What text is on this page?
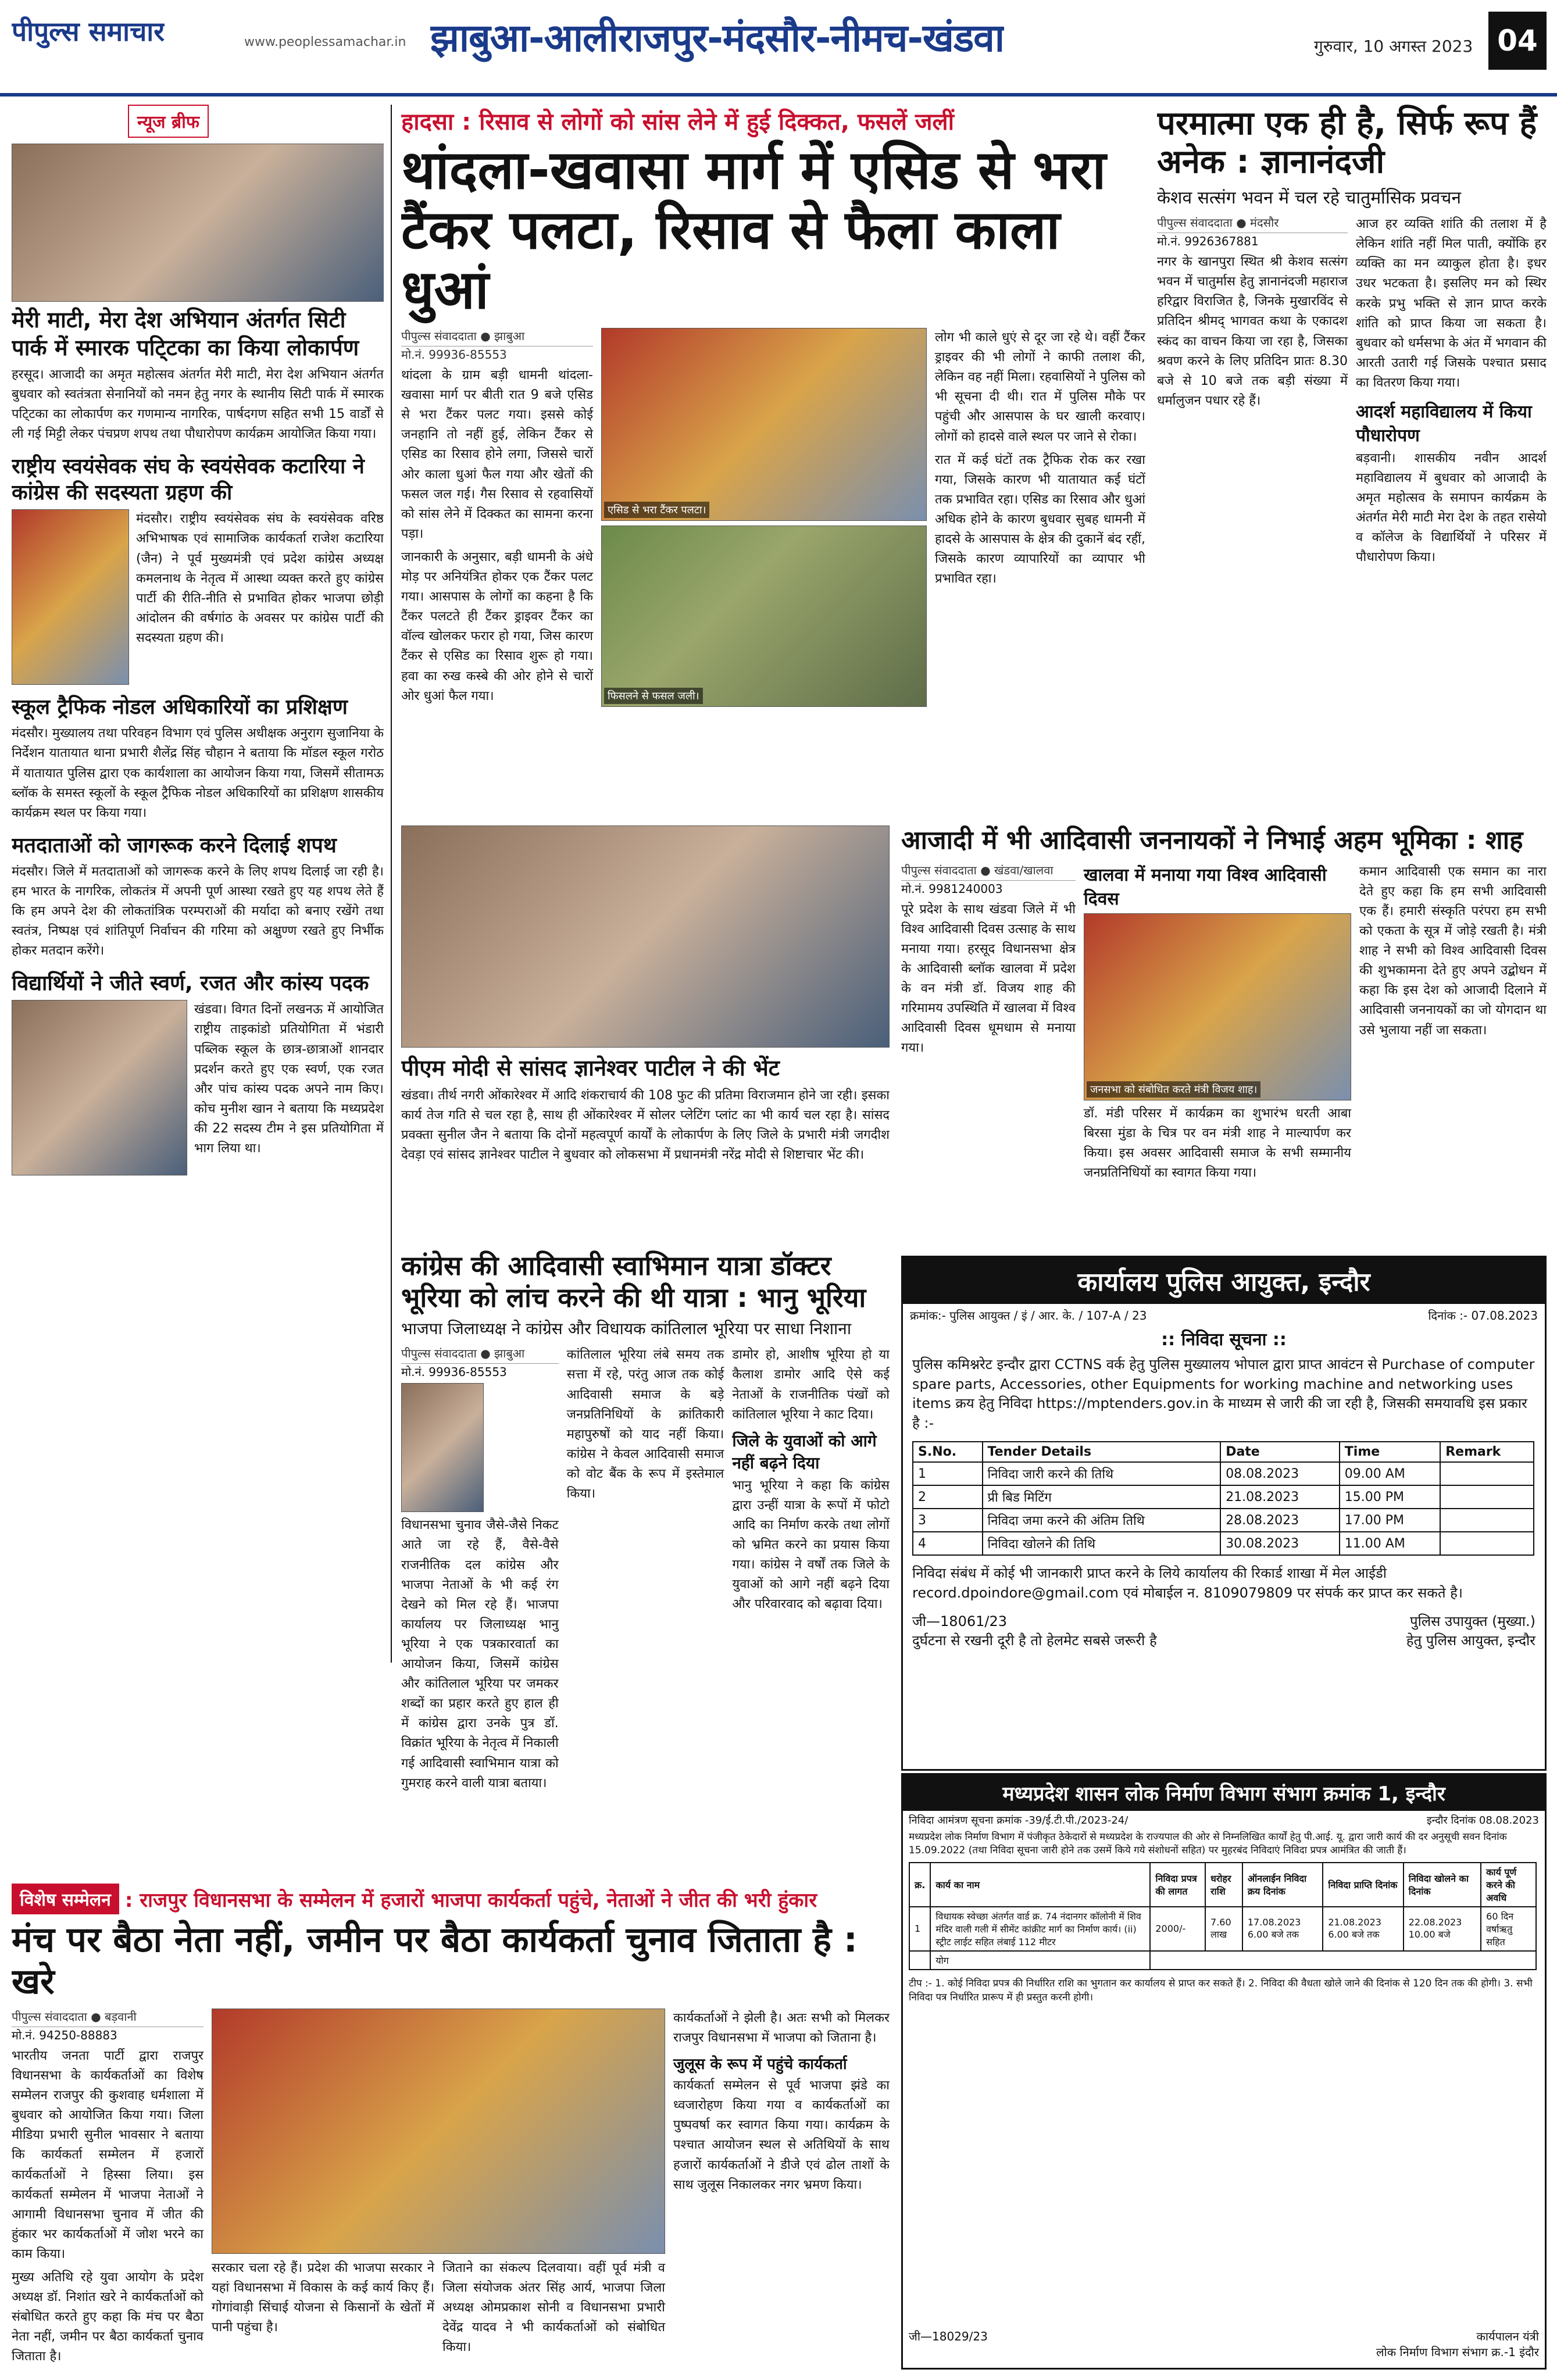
पीपुल्स समाचार	www.peoplessamachar.in झाबुआ-आलीराजपुर-मंदसौर-नीमच-खंडवा	गुरुवार, 10 अगस्त 2023 04
न्यूज ब्रीफ
मेरी माटी, मेरा देश अभियान अंतर्गत सिटी पार्क में स्मारक पटि्टका का किया लोकार्पण
हरसूद। आजादी का अमृत महोत्सव अंतर्गत मेरी माटी, मेरा देश अभियान अंतर्गत बुधवार को स्वतंत्रता सेनानियों को नमन हेतु नगर के स्थानीय सिटी पार्क में स्मारक पटि्टका का लोकार्पण कर गणमान्य नागरिक, पार्षदगण सहित सभी 15 वार्डों से ली गई मिट्टी लेकर पंचप्रण शपथ तथा पौधारोपण कार्यक्रम आयोजित किया गया।
राष्ट्रीय स्वयंसेवक संघ के स्वयंसेवक कटारिया ने कांग्रेस की सदस्यता ग्रहण की
मंदसौर। राष्ट्रीय स्वयंसेवक संघ के स्वयंसेवक वरिष्ठ अभिभाषक एवं सामाजिक कार्यकर्ता राजेश कटारिया (जैन) ने पूर्व मुख्यमंत्री एवं प्रदेश कांग्रेस अध्यक्ष कमलनाथ के नेतृत्व में आस्था व्यक्त करते हुए कांग्रेस पार्टी की रीति-नीति से प्रभावित होकर भाजपा छोड़ी आंदोलन की वर्षगांठ के अवसर पर कांग्रेस पार्टी की सदस्यता ग्रहण की।
स्कूल ट्रैफिक नोडल अधिकारियों का प्रशिक्षण
मंदसौर। मुख्यालय तथा परिवहन विभाग एवं पुलिस अधीक्षक अनुराग सुजानिया के निर्देशन यातायात थाना प्रभारी शैलेंद्र सिंह चौहान ने बताया कि मॉडल स्कूल गरोठ में यातायात पुलिस द्वारा एक कार्यशाला का आयोजन किया गया, जिसमें सीतामऊ ब्लॉक के समस्त स्कूलों के स्कूल ट्रैफिक नोडल अधिकारियों का प्रशिक्षण शासकीय कार्यक्रम स्थल पर किया गया।
मतदाताओं को जागरूक करने दिलाई शपथ
मंदसौर। जिले में मतदाताओं को जागरूक करने के लिए शपथ दिलाई जा रही है। हम भारत के नागरिक, लोकतंत्र में अपनी पूर्ण आस्था रखते हुए यह शपथ लेते हैं कि हम अपने देश की लोकतांत्रिक परम्पराओं की मर्यादा को बनाए रखेंगे तथा स्वतंत्र, निष्पक्ष एवं शांतिपूर्ण निर्वाचन की गरिमा को अक्षुण्ण रखते हुए निर्भीक होकर मतदान करेंगे।
विद्यार्थियों ने जीते स्वर्ण, रजत और कांस्य पदक
खंडवा। विगत दिनों लखनऊ में आयोजित राष्ट्रीय ताइकांडो प्रतियोगिता में भंडारी पब्लिक स्कूल के छात्र-छात्राओं शानदार प्रदर्शन करते हुए एक स्वर्ण, एक रजत और पांच कांस्य पदक अपने नाम किए। कोच मुनीश खान ने बताया कि मध्यप्रदेश की 22 सदस्य टीम ने इस प्रतियोगिता में भाग लिया था।
हादसा : रिसाव से लोगों को सांस लेने में हुई दिक्कत, फसलें जलीं
थांदला-खवासा मार्ग में एसिड से भरा टैंकर पलटा, रिसाव से फैला काला धुआं
पीपुल्स संवाददाता ● झाबुआ
मो.नं. 99936-85553
थांदला के ग्राम बड़ी धामनी थांदला-खवासा मार्ग पर बीती रात 9 बजे एसिड से भरा टैंकर पलट गया। इससे कोई जनहानि तो नहीं हुई, लेकिन टैंकर से एसिड का रिसाव होने लगा, जिससे चारों ओर काला धुआं फैल गया और खेतों की फसल जल गई। गैस रिसाव से रहवासियों को सांस लेने में दिक्कत का सामना करना पड़ा।
जानकारी के अनुसार, बड़ी धामनी के अंधे मोड़ पर अनियंत्रित होकर एक टैंकर पलट गया। आसपास के लोगों का कहना है कि टैंकर पलटते ही टैंकर ड्राइवर टैंकर का वॉल्व खोलकर फरार हो गया, जिस कारण टैंकर से एसिड का रिसाव शुरू हो गया। हवा का रुख कस्बे की ओर होने से चारों ओर धुआं फैल गया।
एसिड से भरा टैंकर पलटा।
फिसलने से फसल जली।
लोग भी काले धुएं से दूर जा रहे थे। वहीं टैंकर ड्राइवर की भी लोगों ने काफी तलाश की, लेकिन वह नहीं मिला। रहवासियों ने पुलिस को भी सूचना दी थी। रात में पुलिस मौके पर पहुंची और आसपास के घर खाली करवाए। लोगों को हादसे वाले स्थल पर जाने से रोका।
रात में कई घंटों तक ट्रैफिक रोक कर रखा गया, जिसके कारण भी यातायात कई घंटों तक प्रभावित रहा। एसिड का रिसाव और धुआं अधिक होने के कारण बुधवार सुबह धामनी में हादसे के आसपास के क्षेत्र की दुकानें बंद रहीं, जिसके कारण व्यापारियों का व्यापार भी प्रभावित रहा।
परमात्मा एक ही है, सिर्फ रूप हैं अनेक : ज्ञानानंदजी
केशव सत्संग भवन में चल रहे चातुर्मासिक प्रवचन
पीपुल्स संवाददाता ● मंदसौर
मो.नं. 9926367881
नगर के खानपुरा स्थित श्री केशव सत्संग भवन में चातुर्मास हेतु ज्ञानानंदजी महाराज हरिद्वार विराजित है, जिनके मुखारविंद से प्रतिदिन श्रीमद् भागवत कथा के एकादश स्कंद का वाचन किया जा रहा है, जिसका श्रवण करने के लिए प्रतिदिन प्रातः 8.30 बजे से 10 बजे तक बड़ी संख्या में धर्मालुजन पधार रहे हैं।
आज हर व्यक्ति शांति की तलाश में है लेकिन शांति नहीं मिल पाती, क्योंकि हर व्यक्ति का मन व्याकुल होता है। इधर उधर भटकता है। इसलिए मन को स्थिर करके प्रभु भक्ति से ज्ञान प्राप्त करके शांति को प्राप्त किया जा सकता है। बुधवार को धर्मसभा के अंत में भगवान की आरती उतारी गई जिसके पश्चात प्रसाद का वितरण किया गया।
आदर्श महाविद्यालय में किया पौधारोपण
बड़वानी। शासकीय नवीन आदर्श महाविद्यालय में बुधवार को आजादी के अमृत महोत्सव के समापन कार्यक्रम के अंतर्गत मेरी माटी मेरा देश के तहत रासेयो व कॉलेज के विद्यार्थियों ने परिसर में पौधारोपण किया।
पीएम मोदी से सांसद ज्ञानेश्वर पाटील ने की भेंट
खंडवा। तीर्थ नगरी ओंकारेश्वर में आदि शंकराचार्य की 108 फुट की प्रतिमा विराजमान होने जा रही। इसका कार्य तेज गति से चल रहा है, साथ ही ओंकारेश्वर में सोलर प्लेटिंग प्लांट का भी कार्य चल रहा है। सांसद प्रवक्ता सुनील जैन ने बताया कि दोनों महत्वपूर्ण कार्यों के लोकार्पण के लिए जिले के प्रभारी मंत्री जगदीश देवड़ा एवं सांसद ज्ञानेश्वर पाटील ने बुधवार को लोकसभा में प्रधानमंत्री नरेंद्र मोदी से शिष्टाचार भेंट की।
आजादी में भी आदिवासी जननायकों ने निभाई अहम भूमिका : शाह
पीपुल्स संवाददाता ● खंडवा/खालवा
मो.नं. 9981240003
पूरे प्रदेश के साथ खंडवा जिले में भी विश्व आदिवासी दिवस उत्साह के साथ मनाया गया। हरसूद विधानसभा क्षेत्र के आदिवासी ब्लॉक खालवा में प्रदेश के वन मंत्री डॉ. विजय शाह की गरिमामय उपस्थिति में खालवा में विश्व आदिवासी दिवस धूमधाम से मनाया गया।
खालवा में मनाया गया विश्व आदिवासी दिवस
जनसभा को संबोधित करते मंत्री विजय शाह।
डॉ. मंडी परिसर में कार्यक्रम का शुभारंभ धरती आबा बिरसा मुंडा के चित्र पर वन मंत्री शाह ने माल्यार्पण कर किया। इस अवसर आदिवासी समाज के सभी सम्मानीय जनप्रतिनिधियों का स्वागत किया गया।
कमान आदिवासी एक समान का नारा देते हुए कहा कि हम सभी आदिवासी एक हैं। हमारी संस्कृति परंपरा हम सभी को एकता के सूत्र में जोड़े रखती है। मंत्री शाह ने सभी को विश्व आदिवासी दिवस की शुभकामना देते हुए अपने उद्बोधन में कहा कि इस देश को आजादी दिलाने में आदिवासी जननायकों का जो योगदान था उसे भुलाया नहीं जा सकता।
कांग्रेस की आदिवासी स्वाभिमान यात्रा डॉक्टर भूरिया को लांच करने की थी यात्रा : भानु भूरिया
भाजपा जिलाध्यक्ष ने कांग्रेस और विधायक कांतिलाल भूरिया पर साधा निशाना
पीपुल्स संवाददाता ● झाबुआ
मो.नं. 99936-85553
विधानसभा चुनाव जैसे-जैसे निकट आते जा रहे हैं, वैसे-वैसे राजनीतिक दल कांग्रेस और भाजपा नेताओं के भी कई रंग देखने को मिल रहे हैं। भाजपा कार्यालय पर जिलाध्यक्ष भानु भूरिया ने एक पत्रकारवार्ता का आयोजन किया, जिसमें कांग्रेस और कांतिलाल भूरिया पर जमकर शब्दों का प्रहार करते हुए हाल ही में कांग्रेस द्वारा उनके पुत्र डॉ. विक्रांत भूरिया के नेतृत्व में निकाली गई आदिवासी स्वाभिमान यात्रा को गुमराह करने वाली यात्रा बताया।
कांतिलाल भूरिया लंबे समय तक सत्ता में रहे, परंतु आज तक कोई आदिवासी समाज के बड़े जनप्रतिनिधियों के क्रांतिकारी महापुरुषों को याद नहीं किया। कांग्रेस ने केवल आदिवासी समाज को वोट बैंक के रूप में इस्तेमाल किया।
डामोर हो, आशीष भूरिया हो या कैलाश डामोर आदि ऐसे कई नेताओं के राजनीतिक पंखों को कांतिलाल भूरिया ने काट दिया।
जिले के युवाओं को आगे नहीं बढ़ने दिया
भानु भूरिया ने कहा कि कांग्रेस द्वारा उन्हीं यात्रा के रूपों में फोटो आदि का निर्माण करके तथा लोगों को भ्रमित करने का प्रयास किया गया। कांग्रेस ने वर्षों तक जिले के युवाओं को आगे नहीं बढ़ने दिया और परिवारवाद को बढ़ावा दिया।
कार्यालय पुलिस आयुक्त, इन्दौर
क्रमांक:- पुलिस आयुक्त / इं / आर. के. / 107-A / 23	दिनांक :- 07.08.2023
:: निविदा सूचना ::
पुलिस कमिश्नरेट इन्दौर द्वारा CCTNS वर्क हेतु पुलिस मुख्यालय भोपाल द्वारा प्राप्त आवंटन से Purchase of computer spare parts, Accessories, other Equipments for working machine and networking uses items क्रय हेतु निविदा https://mptenders.gov.in के माध्यम से जारी की जा रही है, जिसकी समयावधि इस प्रकार है :-
S.No.	Tender Details	Date	Time	Remark
1	निविदा जारी करने की तिथि	08.08.2023	09.00 AM	
2	प्री बिड मिटिंग	21.08.2023	15.00 PM	
3	निविदा जमा करने की अंतिम तिथि	28.08.2023	17.00 PM	
4	निविदा खोलने की तिथि	30.08.2023	11.00 AM	
निविदा संबंध में कोई भी जानकारी प्राप्त करने के लिये कार्यालय की रिकार्ड शाखा में मेल आईडी record.dpoindore@gmail.com एवं मोबाईल न. 8109079809 पर संपर्क कर प्राप्त कर सकते है।
जी—18061/23
दुर्घटना से रखनी दूरी है तो हेलमेट सबसे जरूरी है
पुलिस उपायुक्त (मुख्या.)
हेतु पुलिस आयुक्त, इन्दौर
मध्यप्रदेश शासन लोक निर्माण विभाग संभाग क्रमांक 1, इन्दौर
निविदा आमंत्रण सूचना क्रमांक -39/ई.टी.पी./2023-24/	इन्दौर दिनांक 08.08.2023
मध्यप्रदेश लोक निर्माण विभाग में पंजीकृत ठेकेदारों से मध्यप्रदेश के राज्यपाल की ओर से निम्नलिखित कार्यों हेतु पी.आई. यू. द्वारा जारी कार्य की दर अनुसूची सवन दिनांक 15.09.2022 (तथा निविदा सूचना जारी होने तक उसमें किये गये संशोधनों सहित) पर मुहरबंद निविदाएं निविदा प्रपत्र आमंत्रित की जाती हैं।
क्र.	कार्य का नाम	निविदा प्रपत्र की लागत	धरोहर राशि	ऑनलाईन निविदा क्रय दिनांक	निविदा प्राप्ति दिनांक	निविदा खोलने का दिनांक	कार्य पूर्ण करने की अवधि
1	विधायक स्वेच्छा अंतर्गत वार्ड क्र. 74 नंदानगर कॉलोनी में शिव मंदिर वाली गली में सीमेंट कांक्रीट मार्ग का निर्माण कार्य। (ii) स्ट्रीट लाईट सहित लंबाई 112 मीटर	2000/-	7.60 लाख	17.08.2023 6.00 बजे तक	21.08.2023 6.00 बजे तक	22.08.2023 10.00 बजे	60 दिन वर्षाऋतु सहित
	योग						
टीप :- 1. कोई निविदा प्रपत्र की निर्धारित राशि का भुगतान कर कार्यालय से प्राप्त कर सकते हैं। 2. निविदा की वैधता खोले जाने की दिनांक से 120 दिन तक की होगी। 3. सभी निविदा पत्र निर्धारित प्रारूप में ही प्रस्तुत करनी होगी।
जी—18029/23	कार्यपालन यंत्री
लोक निर्माण विभाग संभाग क्र.-1 इंदौर
विशेष सम्मेलन : राजपुर विधानसभा के सम्मेलन में हजारों भाजपा कार्यकर्ता पहुंचे, नेताओं ने जीत की भरी हुंकार
मंच पर बैठा नेता नहीं, जमीन पर बैठा कार्यकर्ता चुनाव जिताता है : खरे
पीपुल्स संवाददाता ● बड़वानी
मो.नं. 94250-88883
भारतीय जनता पार्टी द्वारा राजपुर विधानसभा के कार्यकर्ताओं का विशेष सम्मेलन राजपुर की कुशवाह धर्मशाला में बुधवार को आयोजित किया गया। जिला मीडिया प्रभारी सुनील भावसार ने बताया कि कार्यकर्ता सम्मेलन में हजारों कार्यकर्ताओं ने हिस्सा लिया। इस कार्यकर्ता सम्मेलन में भाजपा नेताओं ने आगामी विधानसभा चुनाव में जीत की हुंकार भर कार्यकर्ताओं में जोश भरने का काम किया।
मुख्य अतिथि रहे युवा आयोग के प्रदेश अध्यक्ष डॉ. निशांत खरे ने कार्यकर्ताओं को संबोधित करते हुए कहा कि मंच पर बैठा नेता नहीं, जमीन पर बैठा कार्यकर्ता चुनाव जिताता है।
सरकार चला रहे हैं। प्रदेश की भाजपा सरकार ने यहां विधानसभा में विकास के कई कार्य किए हैं। गोगांवाड़ी सिंचाई योजना से किसानों के खेतों में पानी पहुंचा है।
जिताने का संकल्प दिलवाया। वहीं पूर्व मंत्री व जिला संयोजक अंतर सिंह आर्य, भाजपा जिला अध्यक्ष ओमप्रकाश सोनी व विधानसभा प्रभारी देवेंद्र यादव ने भी कार्यकर्ताओं को संबोधित किया।
कार्यकर्ताओं ने झेली है। अतः सभी को मिलकर राजपुर विधानसभा में भाजपा को जिताना है।
जुलूस के रूप में पहुंचे कार्यकर्ता
कार्यकर्ता सम्मेलन से पूर्व भाजपा झंडे का ध्वजारोहण किया गया व कार्यकर्ताओं का पुष्पवर्षा कर स्वागत किया गया। कार्यक्रम के पश्चात आयोजन स्थल से अतिथियों के साथ हजारों कार्यकर्ताओं ने डीजे एवं ढोल ताशों के साथ जुलूस निकालकर नगर भ्रमण किया।
